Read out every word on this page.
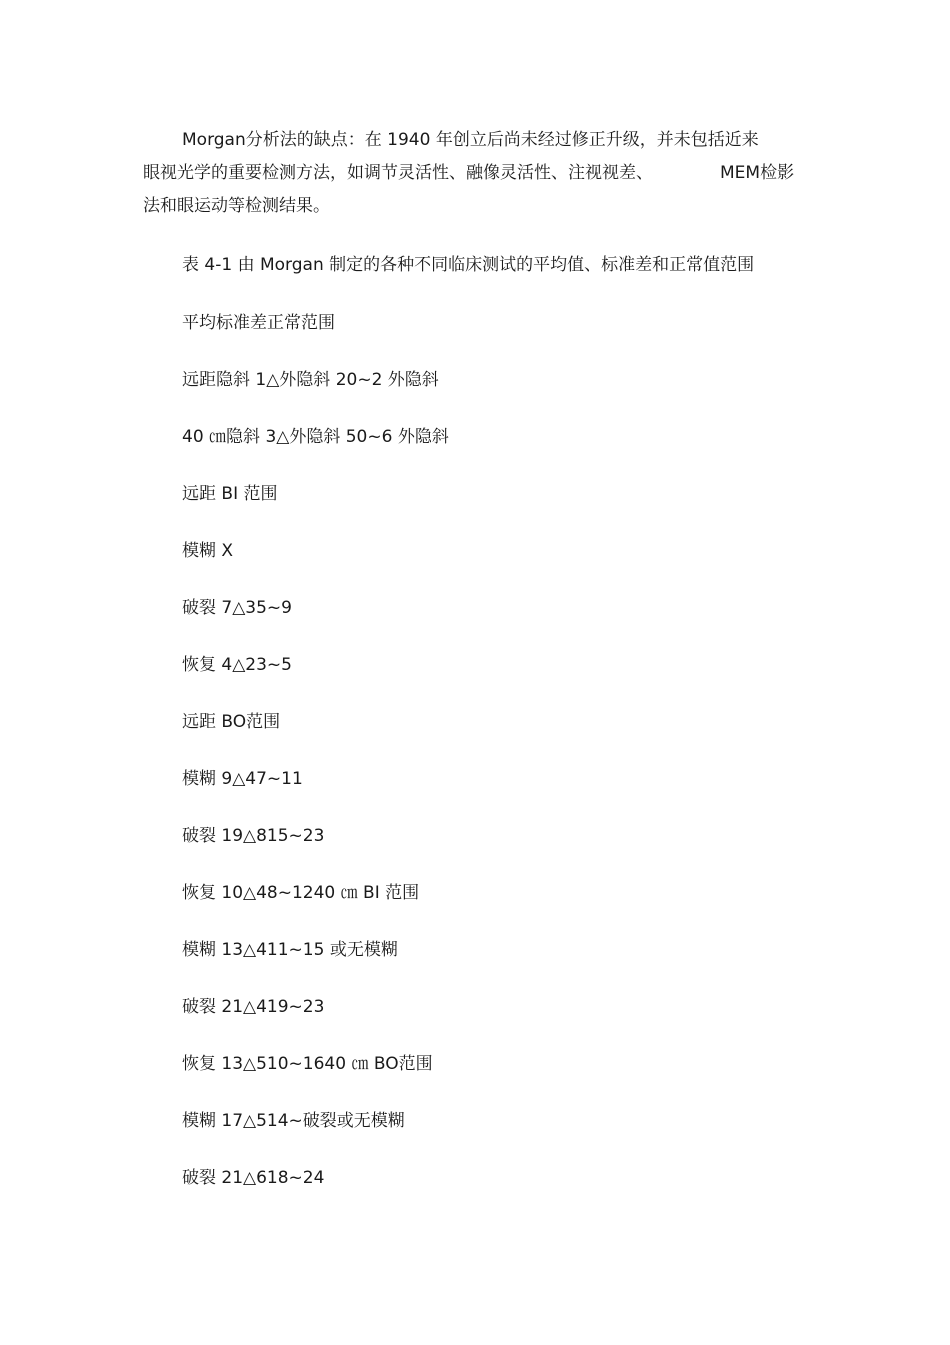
Morgan分析法的缺点：在 1940 年创立后尚未经过修正升级，并未包括近来
眼视光学的重要检测方法，如调节灵活性、融像灵活性、注视视差、	MEM检影
法和眼运动等检测结果。
表 4-1 由 Morgan 制定的各种不同临床测试的平均值、标准差和正常值范围
平均标准差正常范围
远距隐斜 1△外隐斜 20~2 外隐斜
40 ㎝隐斜 3△外隐斜 50~6 外隐斜
远距 BI 范围
模糊 X
破裂 7△35~9
恢复 4△23~5
远距 BO范围
模糊 9△47~11
破裂 19△815~23
恢复 10△48~1240 ㎝ BI 范围
模糊 13△411~15 或无模糊
破裂 21△419~23
恢复 13△510~1640 ㎝ BO范围
模糊 17△514~破裂或无模糊
破裂 21△618~24
